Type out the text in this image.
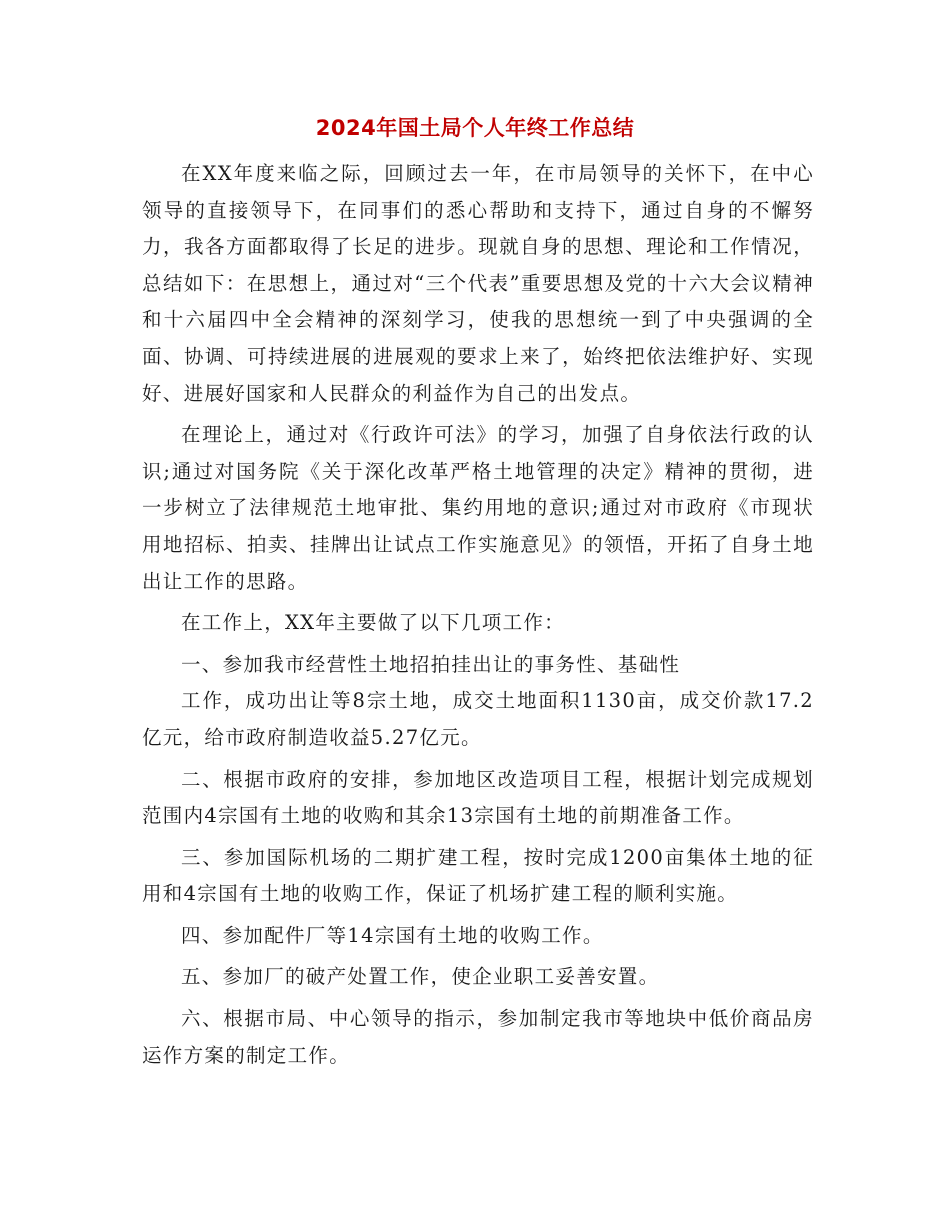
2024年国土局个人年终工作总结

在XX年度来临之际，回顾过去一年，在市局领导的关怀下，在中心领导的直接领导下，在同事们的悉心帮助和支持下，通过自身的不懈努力，我各方面都取得了长足的进步。现就自身的思想、理论和工作情况，总结如下：在思想上，通过对“三个代表”重要思想及党的十六大会议精神和十六届四中全会精神的深刻学习，使我的思想统一到了中央强调的全面、协调、可持续进展的进展观的要求上来了，始终把依法维护好、实现好、进展好国家和人民群众的利益作为自己的出发点。

在理论上，通过对《行政许可法》的学习，加强了自身依法行政的认识;通过对国务院《关于深化改革严格土地管理的决定》精神的贯彻，进一步树立了法律规范土地审批、集约用地的意识;通过对市政府《市现状用地招标、拍卖、挂牌出让试点工作实施意见》的领悟，开拓了自身土地出让工作的思路。

在工作上，XX年主要做了以下几项工作：

一、参加我市经营性土地招拍挂出让的事务性、基础性

工作，成功出让等8宗土地，成交土地面积1130亩，成交价款17.2亿元，给市政府制造收益5.27亿元。

二、根据市政府的安排，参加地区改造项目工程，根据计划完成规划范围内4宗国有土地的收购和其余13宗国有土地的前期准备工作。

三、参加国际机场的二期扩建工程，按时完成1200亩集体土地的征用和4宗国有土地的收购工作，保证了机场扩建工程的顺利实施。

四、参加配件厂等14宗国有土地的收购工作。

五、参加厂的破产处置工作，使企业职工妥善安置。

六、根据市局、中心领导的指示，参加制定我市等地块中低价商品房运作方案的制定工作。
